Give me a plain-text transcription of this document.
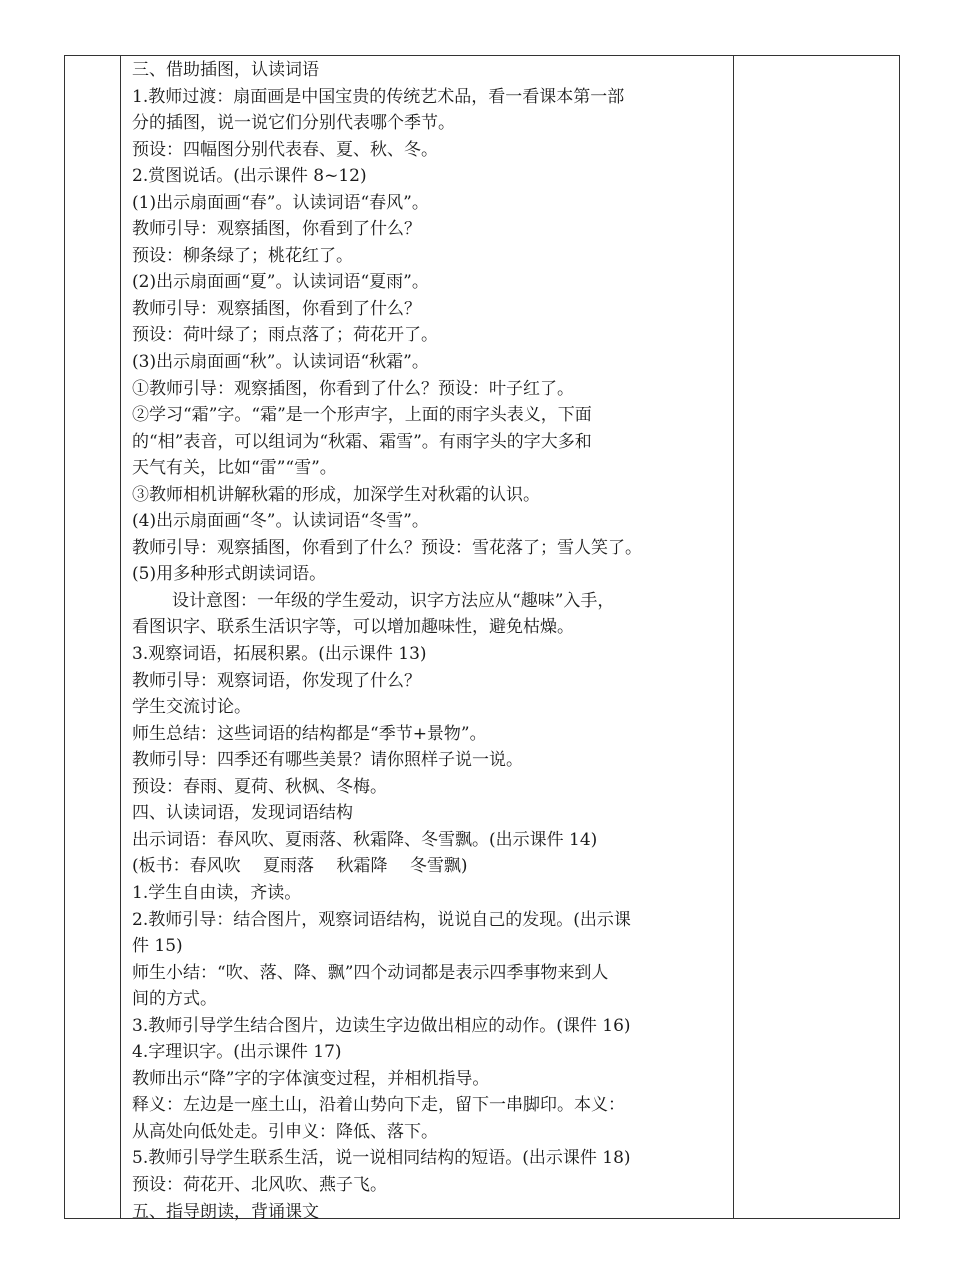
三、借助插图，认读词语
1.教师过渡：扇面画是中国宝贵的传统艺术品，看一看课本第一部
分的插图，说一说它们分别代表哪个季节。
预设：四幅图分别代表春、夏、秋、冬。
2.赏图说话。(出示课件 8~12)
(1)出示扇面画“春”。认读词语“春风”。
教师引导：观察插图，你看到了什么？
预设：柳条绿了；桃花红了。
(2)出示扇面画“夏”。认读词语“夏雨”。
教师引导：观察插图，你看到了什么？
预设：荷叶绿了；雨点落了；荷花开了。
(3)出示扇面画“秋”。认读词语“秋霜”。
①教师引导：观察插图，你看到了什么？预设：叶子红了。
②学习“霜”字。“霜”是一个形声字，上面的雨字头表义，下面
的“相”表音，可以组词为“秋霜、霜雪”。有雨字头的字大多和
天气有关，比如“雷”“雪”。
③教师相机讲解秋霜的形成，加深学生对秋霜的认识。
(4)出示扇面画“冬”。认读词语“冬雪”。
教师引导：观察插图，你看到了什么？预设：雪花落了；雪人笑了。
(5)用多种形式朗读词语。
设计意图：一年级的学生爱动，识字方法应从“趣味”入手，
看图识字、联系生活识字等，可以增加趣味性，避免枯燥。
3.观察词语，拓展积累。(出示课件 13)
教师引导：观察词语，你发现了什么？
学生交流讨论。
师生总结：这些词语的结构都是“季节+景物”。
教师引导：四季还有哪些美景？请你照样子说一说。
预设：春雨、夏荷、秋枫、冬梅。
四、认读词语，发现词语结构
出示词语：春风吹、夏雨落、秋霜降、冬雪飘。(出示课件 14)
(板书：春风吹　 夏雨落　 秋霜降　 冬雪飘)
1.学生自由读，齐读。
2.教师引导：结合图片，观察词语结构，说说自己的发现。(出示课
件 15)
师生小结：“吹、落、降、飘”四个动词都是表示四季事物来到人
间的方式。
3.教师引导学生结合图片，边读生字边做出相应的动作。(课件 16)
4.字理识字。(出示课件 17)
教师出示“降”字的字体演变过程，并相机指导。
释义：左边是一座土山，沿着山势向下走，留下一串脚印。本义：
从高处向低处走。引申义：降低、落下。
5.教师引导学生联系生活，说一说相同结构的短语。(出示课件 18)
预设：荷花开、北风吹、燕子飞。
五、指导朗读，背诵课文
